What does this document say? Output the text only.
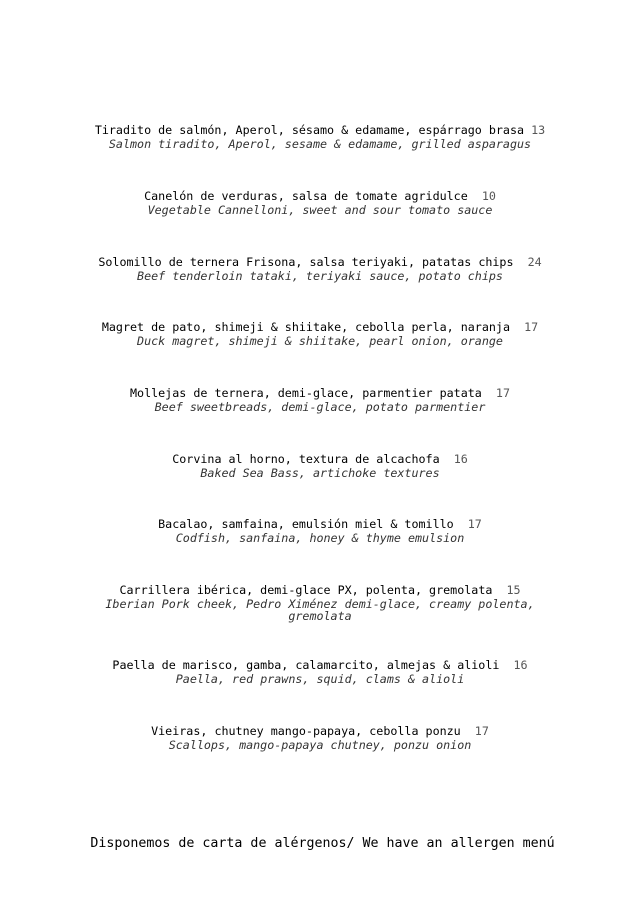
Tiradito de salmón, Aperol, sésamo & edamame, espárrago brasa 13
Salmon tiradito, Aperol, sesame & edamame, grilled asparagus
Canelón de verduras, salsa de tomate agridulce 10
Vegetable Cannelloni, sweet and sour tomato sauce
Solomillo de ternera Frisona, salsa teriyaki, patatas chips 24
Beef tenderloin tataki, teriyaki sauce, potato chips
Magret de pato, shimeji & shiitake, cebolla perla, naranja 17
Duck magret, shimeji & shiitake, pearl onion, orange
Mollejas de ternera, demi-glace, parmentier patata 17
Beef sweetbreads, demi-glace, potato parmentier
Corvina al horno, textura de alcachofa 16
Baked Sea Bass, artichoke textures
Bacalao, samfaina, emulsión miel & tomillo 17
Codfish, sanfaina, honey & thyme emulsion
Carrillera ibérica, demi-glace PX, polenta, gremolata 15
Iberian Pork cheek, Pedro Ximénez demi-glace, creamy polenta, gremolata
Paella de marisco, gamba, calamarcito, almejas & alioli 16
Paella, red prawns, squid, clams & alioli
Vieiras, chutney mango-papaya, cebolla ponzu 17
Scallops, mango-papaya chutney, ponzu onion
Disponemos de carta de alérgenos/ We have an allergen menú
